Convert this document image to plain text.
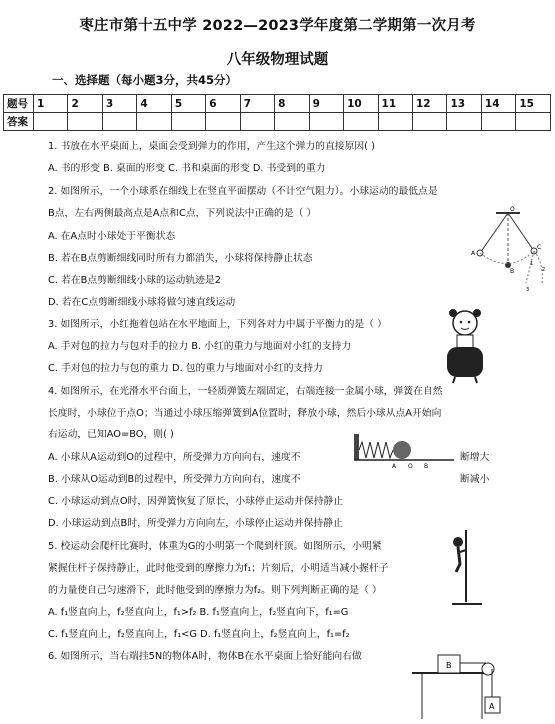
枣庄市第十五中学 2022—2023学年度第二学期第一次月考
八年级物理试题
一、选择题（每小题3分，共45分）
题号	1	2	3	4	5	6	7	8	9	10	11	12	13	14	15
答案															
1. 书放在水平桌面上，桌面会受到弹力的作用，产生这个弹力的直接原因( )
A. 书的形变 B. 桌面的形变 C. 书和桌面的形变 D. 书受到的重力
2. 如图所示，一个小球系在细线上在竖直平面摆动（不计空气阻力）。小球运动的最低点是
B点，左右两侧最高点是A点和C点，下列说法中正确的是（ ）
A. 在A点时小球处于平衡状态
B. 若在B点剪断细线同时所有力都消失，小球将保持静止状态
C. 若在B点剪断细线小球的运动轨迹是2
D. 若在C点剪断细线小球将做匀速直线运动
3. 如图所示，小红拖着包站在水平地面上，下列各对力中属于平衡力的是（ ）
A. 手对包的拉力与包对手的拉力 B. 小红的重力与地面对小红的支持力
C. 手对包的拉力与包的重力 D. 包的重力与地面对小红的支持力
4. 如图所示，在光滑水平台面上，一轻质弹簧左端固定，右端连接一金属小球，弹簧在自然
长度时，小球位于点O；当通过小球压缩弹簧到A位置时，释放小球，然后小球从点A开始向
右运动，已知AO=BO，则( )
A. 小球从A运动到O的过程中，所受弹力方向向右，速度不	断增大
B. 小球从O运动到B的过程中，所受弹力方向向右，速度不	断减小
C. 小球运动到点O时，因弹簧恢复了原长，小球停止运动并保持静止
D. 小球运动到点B时，所受弹力方向向左，小球停止运动并保持静止
5. 校运动会爬杆比赛时，体重为G的小明第一个爬到杆顶。如图所示，小明紧
紧握住杆子保持静止，此时他受到的摩擦力为f₁；片刻后，小明适当减小握杆子
的力量使自己匀速滑下，此时他受到的摩擦力为f₂。则下列判断正确的是（ ）
A. f₁竖直向上，f₂竖直向上，f₁>f₂ B. f₁竖直向上，f₂竖直向下，f₁=G
C. f₁竖直向上，f₂竖直向上，f₁<G D. f₁竖直向上，f₂竖直向上，f₁=f₂
6. 如图所示，当右端挂5N的物体A时，物体B在水平桌面上恰好能向右做
O
A
B
C
1
2
3
A O B
B
A
